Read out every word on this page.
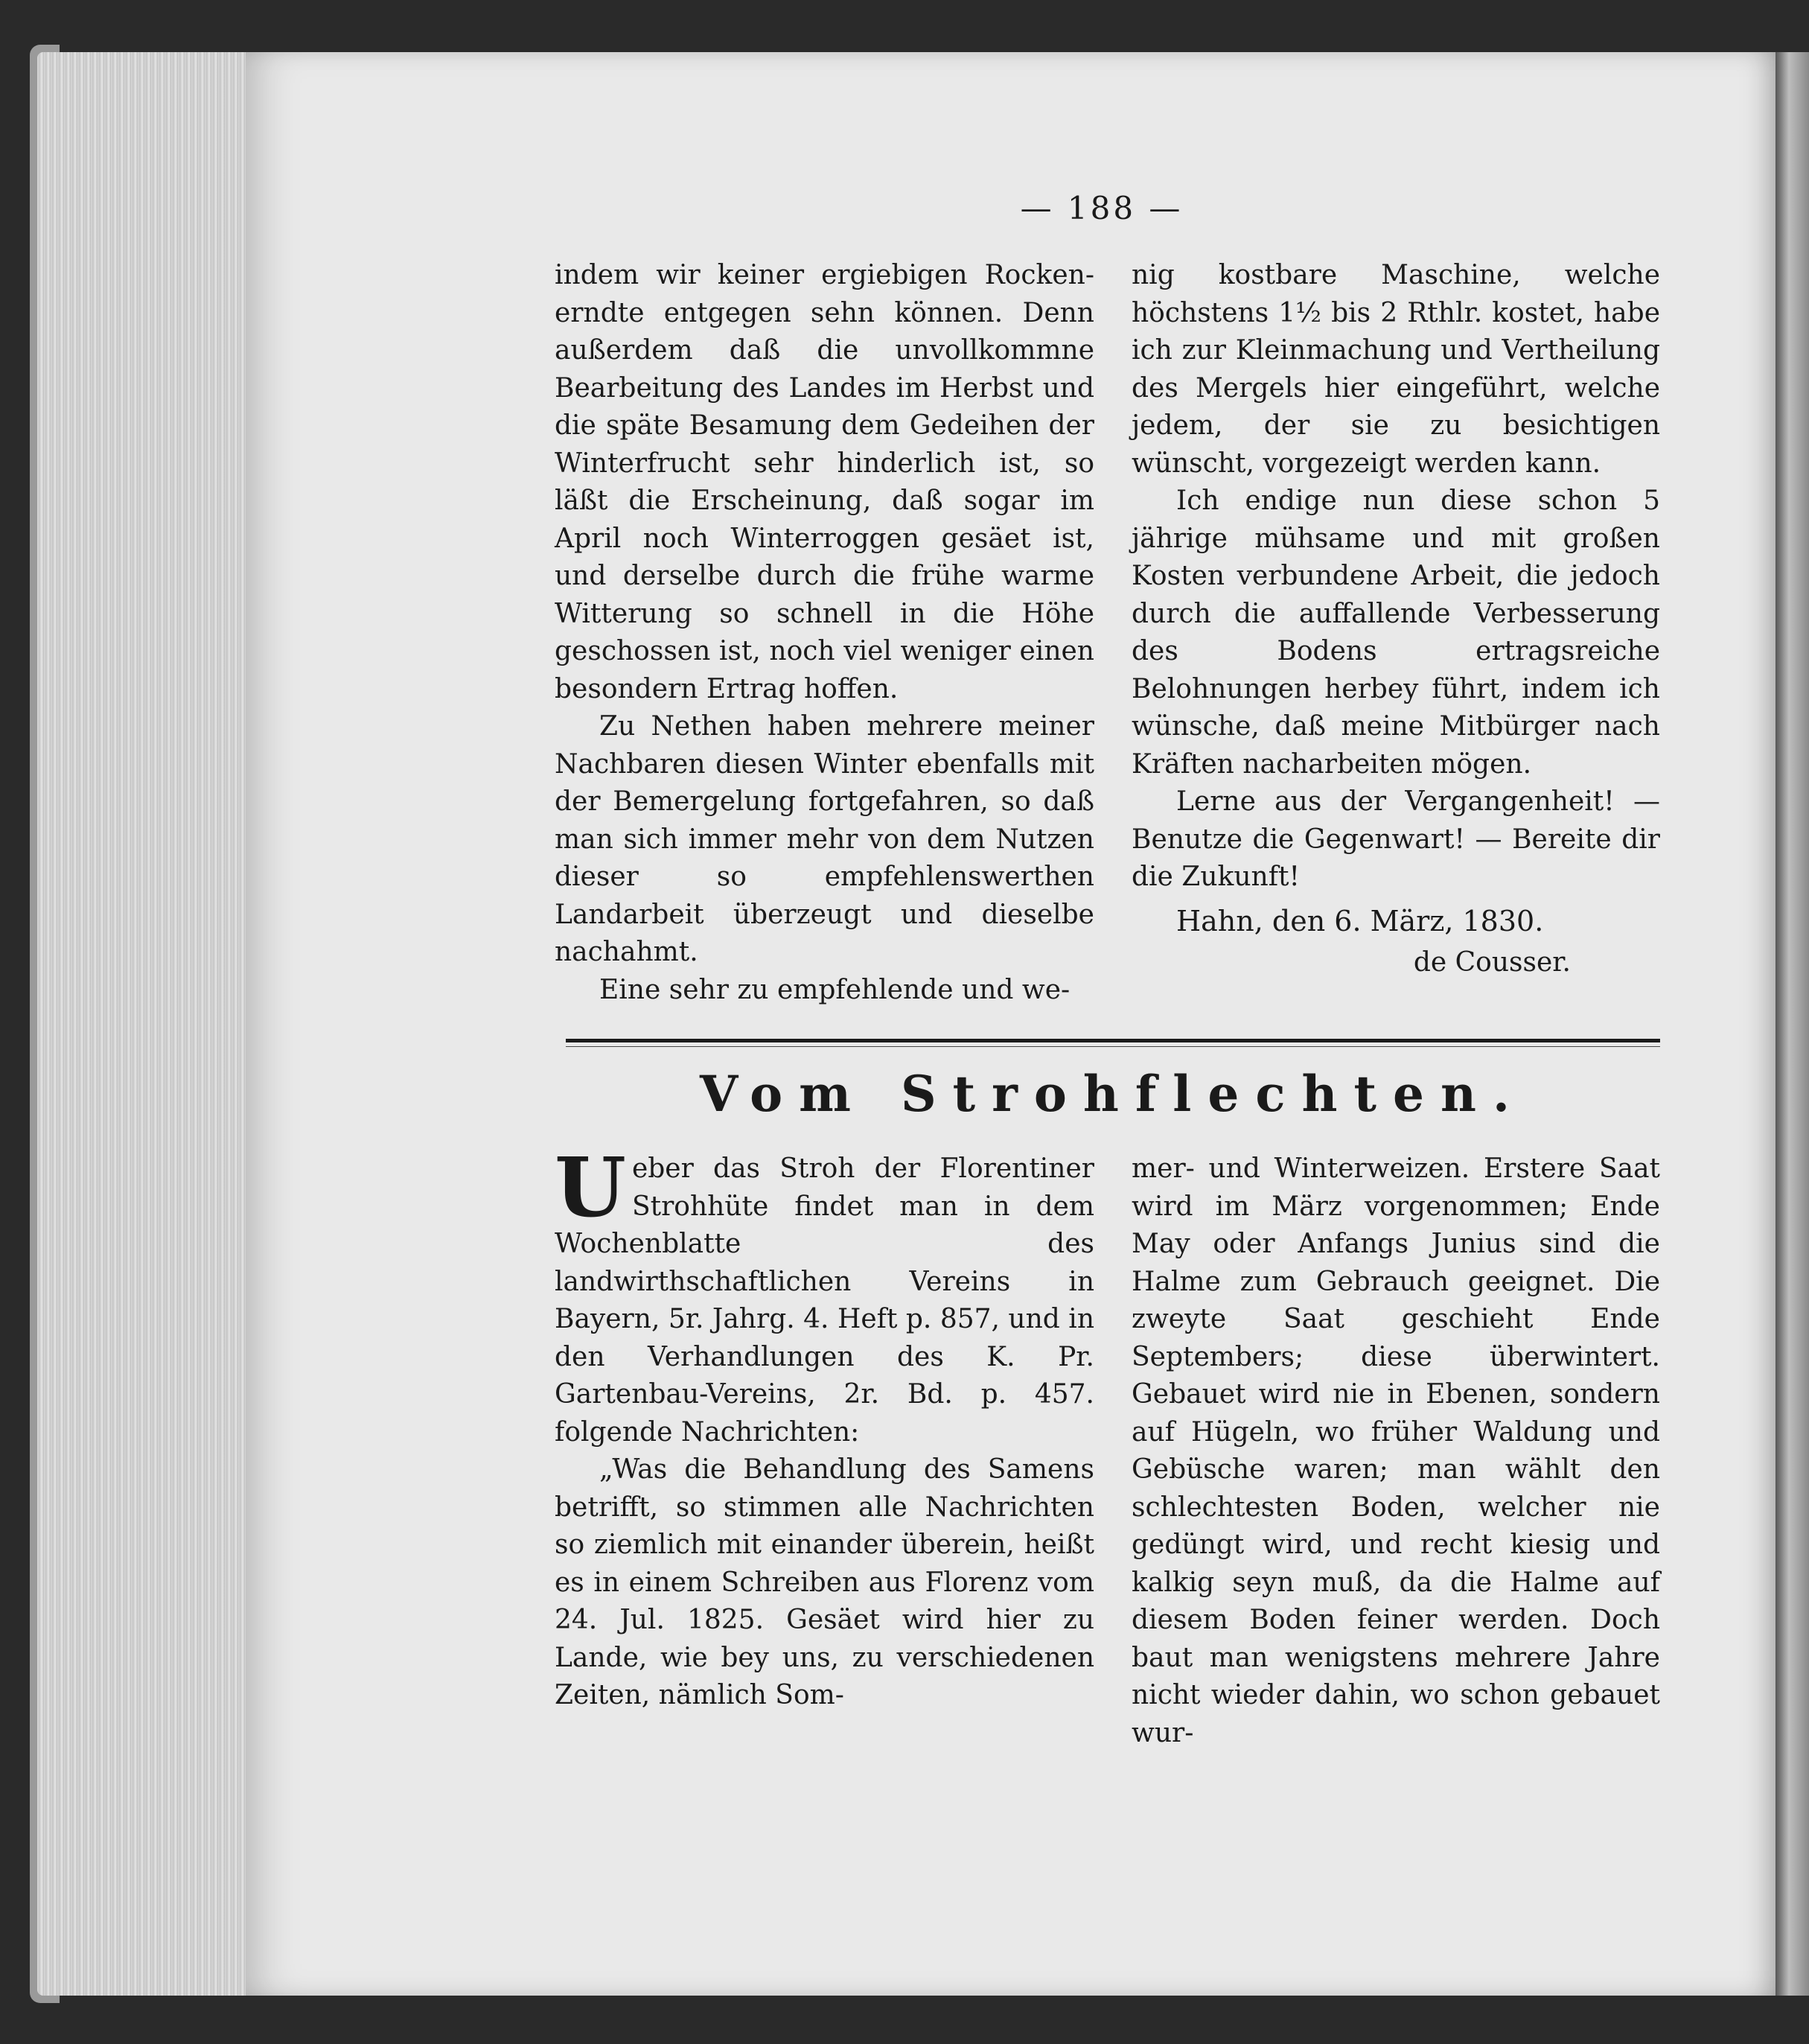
— 188 —

indem wir keiner ergiebigen Rocken-erndte entgegen sehn können. Denn außerdem daß die unvollkommne Bearbeitung des Landes im Herbst und die späte Besamung dem Gedeihen der Winterfrucht sehr hinderlich ist, so läßt die Erscheinung, daß sogar im April noch Winterroggen gesäet ist, und derselbe durch die frühe warme Witterung so schnell in die Höhe geschossen ist, noch viel weniger einen besondern Ertrag hoffen.

Zu Nethen haben mehrere meiner Nachbaren diesen Winter ebenfalls mit der Bemergelung fortgefahren, so daß man sich immer mehr von dem Nutzen dieser so empfehlenswerthen Landarbeit überzeugt und dieselbe nachahmt.

Eine sehr zu empfehlende und we-

nig kostbare Maschine, welche höchstens 1½ bis 2 Rthlr. kostet, habe ich zur Kleinmachung und Vertheilung des Mergels hier eingeführt, welche jedem, der sie zu besichtigen wünscht, vorgezeigt werden kann.

Ich endige nun diese schon 5 jährige mühsame und mit großen Kosten verbundene Arbeit, die jedoch durch die auffallende Verbesserung des Bodens ertragsreiche Belohnungen herbey führt, indem ich wünsche, daß meine Mitbürger nach Kräften nacharbeiten mögen.

Lerne aus der Vergangenheit! — Benutze die Gegenwart! — Bereite dir die Zukunft!

Hahn, den 6. März, 1830.

de Cousser.

Vom Strohflechten.

Ueber das Stroh der Florentiner Strohhüte findet man in dem Wochenblatte des landwirthschaftlichen Vereins in Bayern, 5r. Jahrg. 4. Heft p. 857, und in den Verhandlungen des K. Pr. Gartenbau-Vereins, 2r. Bd. p. 457. folgende Nachrichten:

„Was die Behandlung des Samens betrifft, so stimmen alle Nachrichten so ziemlich mit einander überein, heißt es in einem Schreiben aus Florenz vom 24. Jul. 1825. Gesäet wird hier zu Lande, wie bey uns, zu verschiedenen Zeiten, nämlich Som-

mer- und Winterweizen. Erstere Saat wird im März vorgenommen; Ende May oder Anfangs Junius sind die Halme zum Gebrauch geeignet. Die zweyte Saat geschieht Ende Septembers; diese überwintert. Gebauet wird nie in Ebenen, sondern auf Hügeln, wo früher Waldung und Gebüsche waren; man wählt den schlechtesten Boden, welcher nie gedüngt wird, und recht kiesig und kalkig seyn muß, da die Halme auf diesem Boden feiner werden. Doch baut man wenigstens mehrere Jahre nicht wieder dahin, wo schon gebauet wur-
